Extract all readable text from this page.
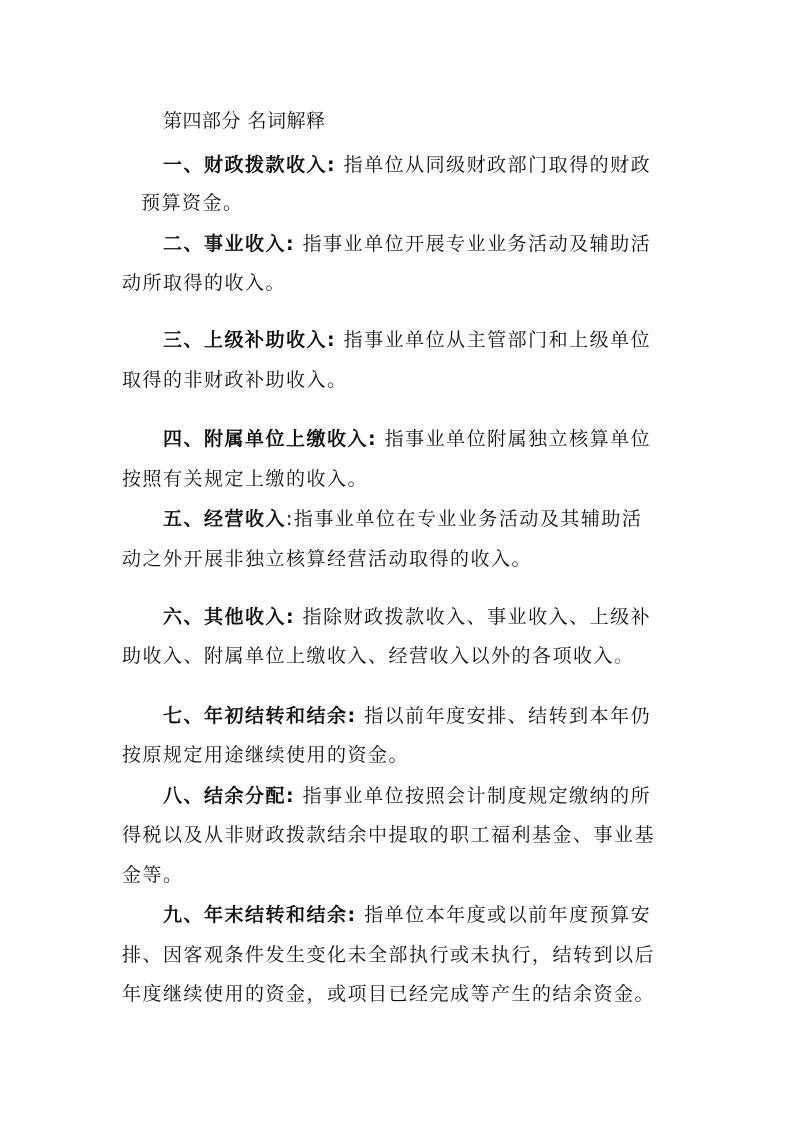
第四部分 名词解释
一、财政拨款收入: 指单位从同级财政部门取得的财政
预算资金。
二、事业收入: 指事业单位开展专业业务活动及辅助活
动所取得的收入。
三、上级补助收入: 指事业单位从主管部门和上级单位
取得的非财政补助收入。
四、附属单位上缴收入: 指事业单位附属独立核算单位
按照有关规定上缴的收入。
五、经营收入:指事业单位在专业业务活动及其辅助活
动之外开展非独立核算经营活动取得的收入。
六、其他收入: 指除财政拨款收入、事业收入、上级补
助收入、附属单位上缴收入、经营收入以外的各项收入。
七、年初结转和结余: 指以前年度安排、结转到本年仍
按原规定用途继续使用的资金。
八、结余分配: 指事业单位按照会计制度规定缴纳的所
得税以及从非财政拨款结余中提取的职工福利基金、事业基
金等。
九、年末结转和结余: 指单位本年度或以前年度预算安
排、因客观条件发生变化未全部执行或未执行，结转到以后
年度继续使用的资金，或项目已经完成等产生的结余资金。
